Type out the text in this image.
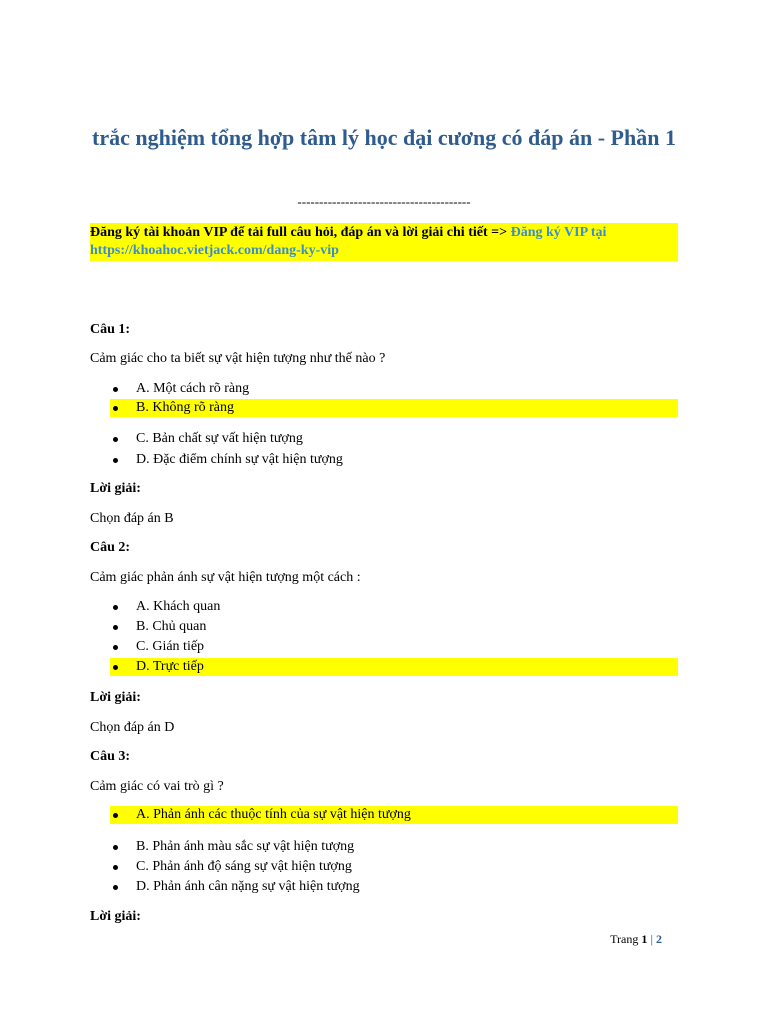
trắc nghiệm tổng hợp tâm lý học đại cương có đáp án - Phần 1
----------------------------------------
Đăng ký tài khoản VIP để tải full câu hỏi, đáp án và lời giải chi tiết => Đăng ký VIP tại https://khoahoc.vietjack.com/dang-ky-vip
Câu 1:
Cảm giác cho ta biết sự vật hiện tượng như thế nào ?
A. Một cách rõ ràng
B. Không rõ ràng
C. Bản chất sự vất hiện tượng
D. Đặc điểm chính sự vật hiện tượng
Lời giải:
Chọn đáp án B
Câu 2:
Cảm giác phản ánh sự vật hiện tượng một cách :
A. Khách quan
B. Chủ quan
C. Gián tiếp
D. Trực tiếp
Lời giải:
Chọn đáp án D
Câu 3:
Cảm giác có vai trò gì ?
A. Phản ánh các thuộc tính của sự vật hiện tượng
B. Phản ánh màu sắc sự vật hiện tượng
C. Phản ánh độ sáng sự vật hiện tượng
D. Phản ánh cân nặng sự vật hiện tượng
Lời giải:
Trang 1 | 2
